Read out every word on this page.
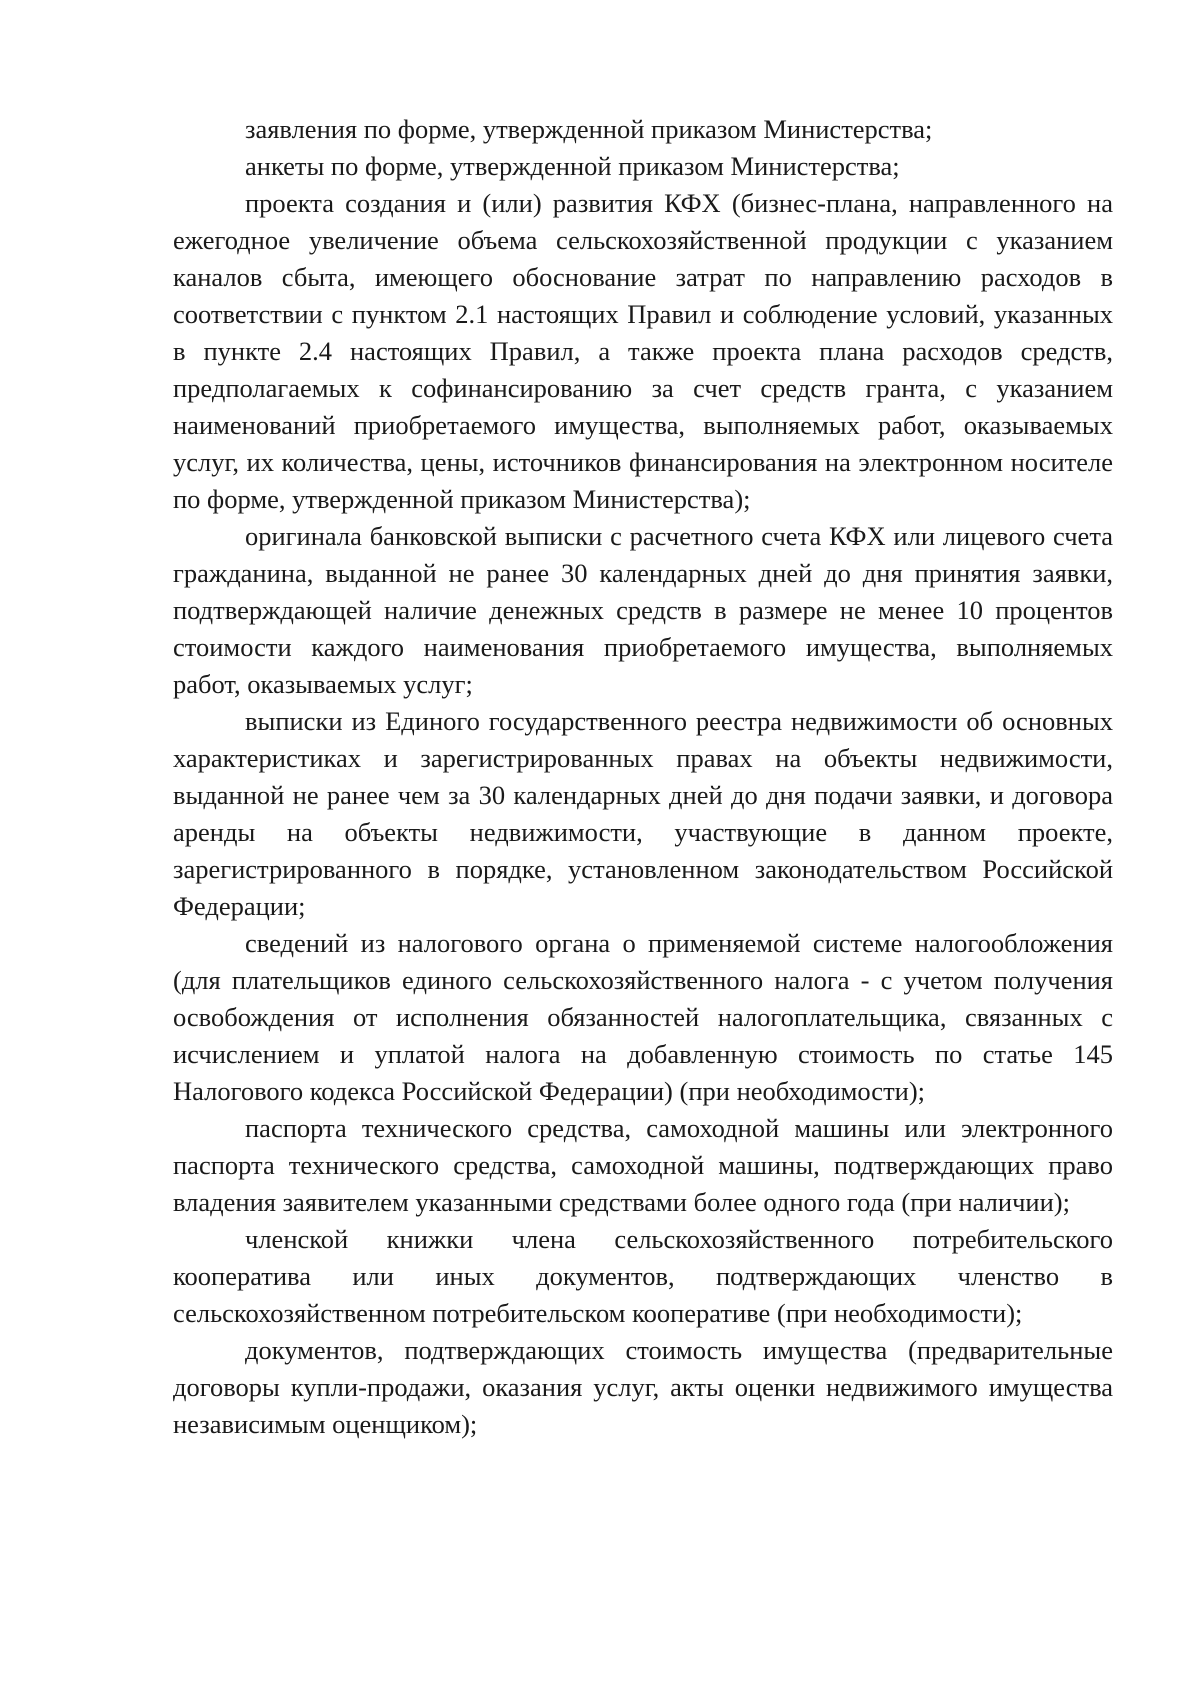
заявления по форме, утвержденной приказом Министерства;

анкеты по форме, утвержденной приказом Министерства;

проекта создания и (или) развития КФХ (бизнес-плана, направленного на ежегодное увеличение объема сельскохозяйственной продукции с указанием каналов сбыта, имеющего обоснование затрат по направлению расходов в соответствии с пунктом 2.1 настоящих Правил и соблюдение условий, указанных в пункте 2.4 настоящих Правил, а также проекта плана расходов средств, предполагаемых к софинансированию за счет средств гранта, с указанием наименований приобретаемого имущества, выполняемых работ, оказываемых услуг, их количества, цены, источников финансирования на электронном носителе по форме, утвержденной приказом Министерства);

оригинала банковской выписки с расчетного счета КФХ или лицевого счета гражданина, выданной не ранее 30 календарных дней до дня принятия заявки, подтверждающей наличие денежных средств в размере не менее 10 процентов стоимости каждого наименования приобретаемого имущества, выполняемых работ, оказываемых услуг;

выписки из Единого государственного реестра недвижимости об основных характеристиках и зарегистрированных правах на объекты недвижимости, выданной не ранее чем за 30 календарных дней до дня подачи заявки, и договора аренды на объекты недвижимости, участвующие в данном проекте, зарегистрированного в порядке, установленном законодательством Российской Федерации;

сведений из налогового органа о применяемой системе налогообложения (для плательщиков единого сельскохозяйственного налога - с учетом получения освобождения от исполнения обязанностей налогоплательщика, связанных с исчислением и уплатой налога на добавленную стоимость по статье 145 Налогового кодекса Российской Федерации) (при необходимости);

паспорта технического средства, самоходной машины или электронного паспорта технического средства, самоходной машины, подтверждающих право владения заявителем указанными средствами более одного года (при наличии);

членской книжки члена сельскохозяйственного потребительского кооператива или иных документов, подтверждающих членство в сельскохозяйственном потребительском кооперативе (при необходимости);

документов, подтверждающих стоимость имущества (предварительные договоры купли-продажи, оказания услуг, акты оценки недвижимого имущества независимым оценщиком);
